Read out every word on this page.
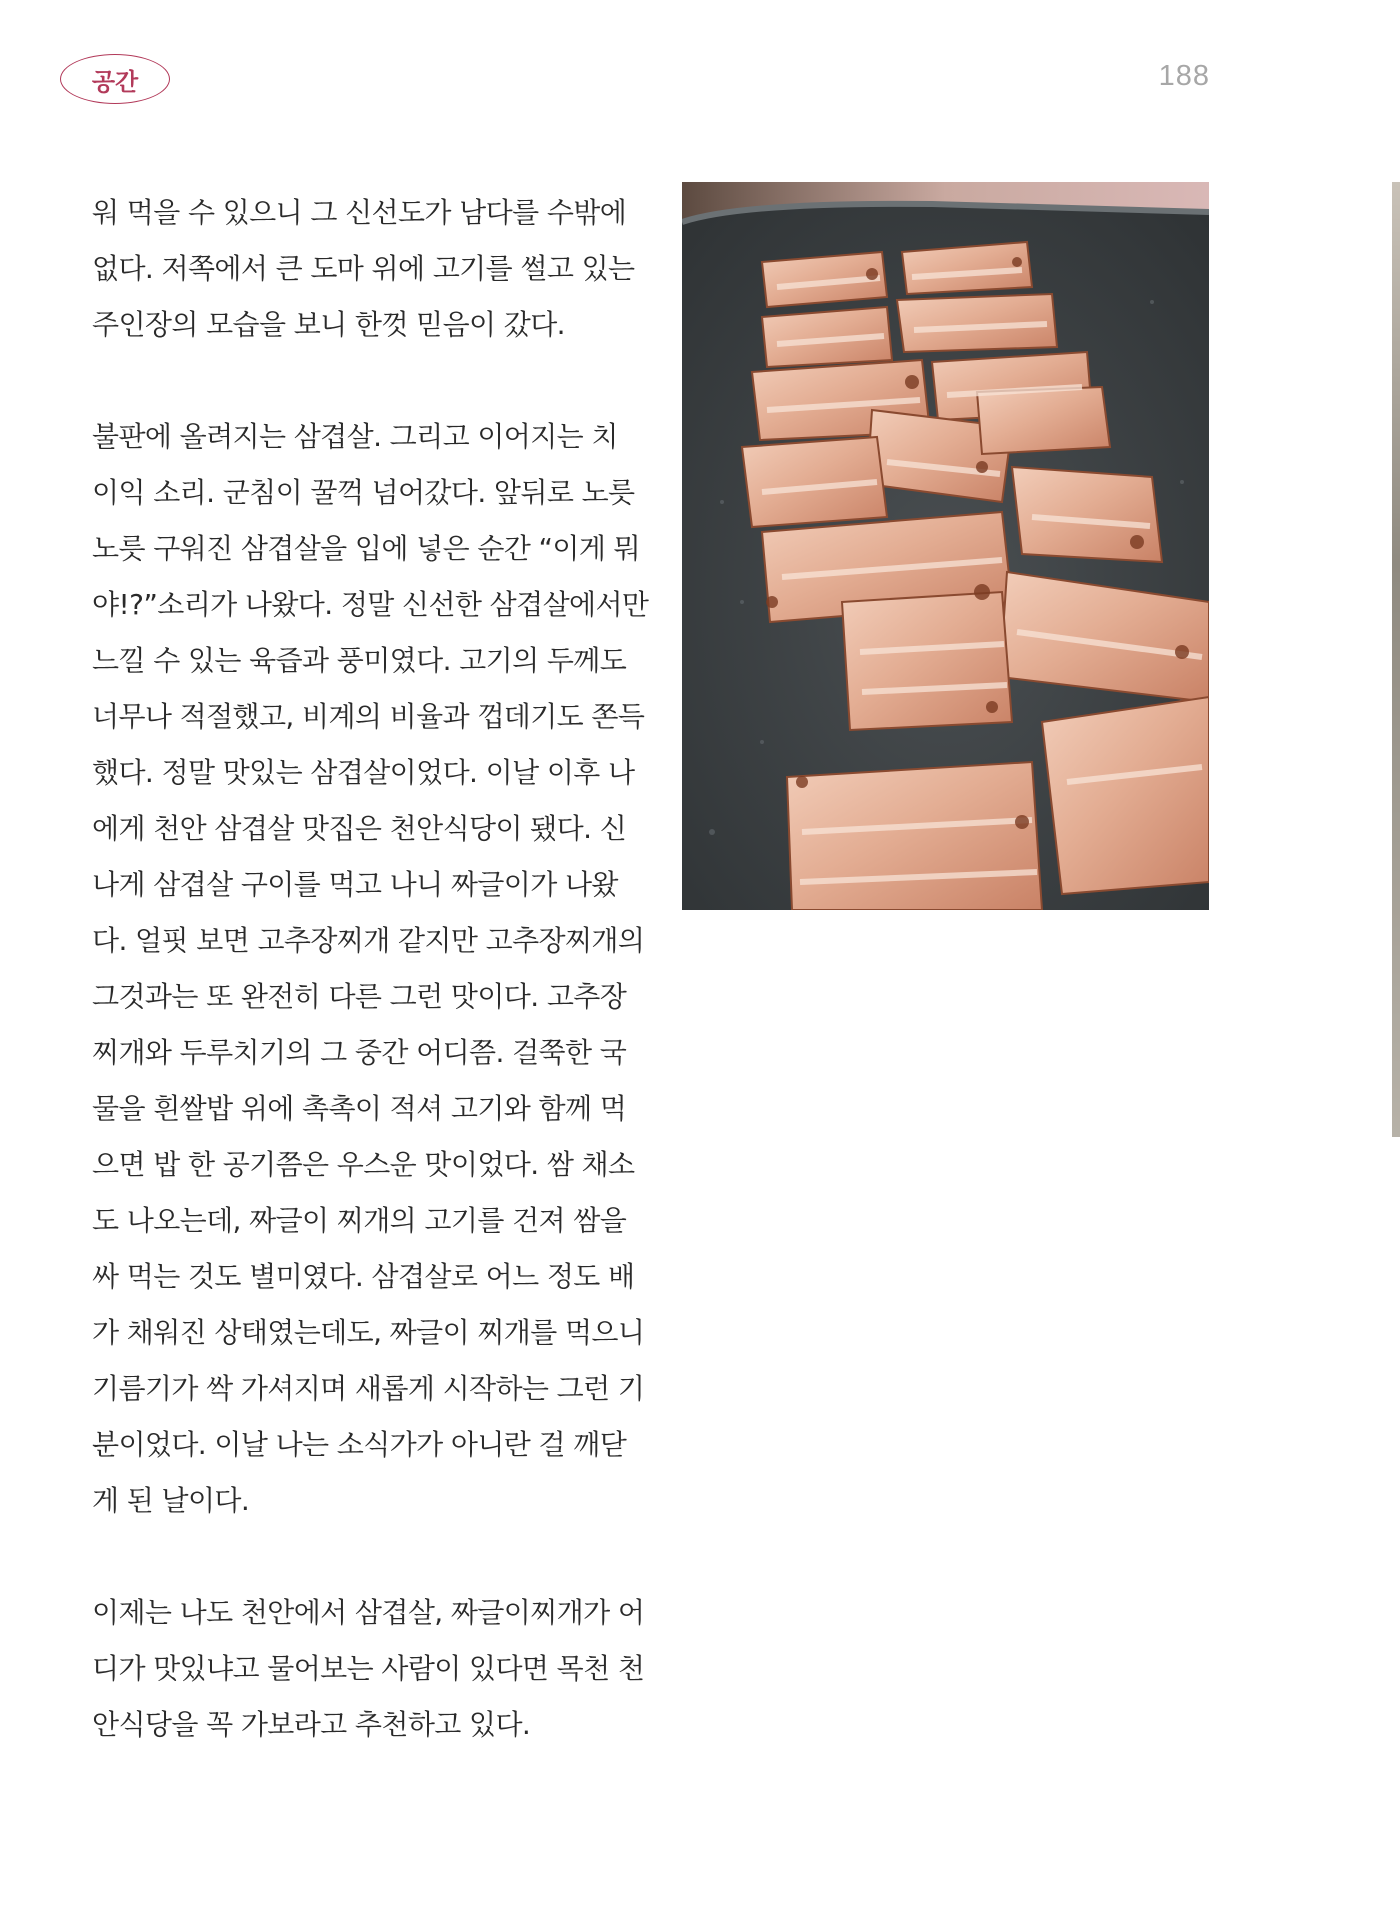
공간	188
워 먹을 수 있으니 그 신선도가 남다를 수밖에
없다. 저쪽에서 큰 도마 위에 고기를 썰고 있는
주인장의 모습을 보니 한껏 믿음이 갔다.
불판에 올려지는 삼겹살. 그리고 이어지는 치
이익 소리. 군침이 꿀꺽 넘어갔다. 앞뒤로 노릇
노릇 구워진 삼겹살을 입에 넣은 순간 “이게 뭐
야!?”소리가 나왔다. 정말 신선한 삼겹살에서만
느낄 수 있는 육즙과 풍미였다. 고기의 두께도
너무나 적절했고, 비계의 비율과 껍데기도 쫀득
했다. 정말 맛있는 삼겹살이었다. 이날 이후 나
에게 천안 삼겹살 맛집은 천안식당이 됐다. 신
나게 삼겹살 구이를 먹고 나니 짜글이가 나왔
다. 얼핏 보면 고추장찌개 같지만 고추장찌개의
그것과는 또 완전히 다른 그런 맛이다. 고추장
찌개와 두루치기의 그 중간 어디쯤. 걸쭉한 국
물을 흰쌀밥 위에 촉촉이 적셔 고기와 함께 먹
으면 밥 한 공기쯤은 우스운 맛이었다. 쌈 채소
도 나오는데, 짜글이 찌개의 고기를 건져 쌈을
싸 먹는 것도 별미였다. 삼겹살로 어느 정도 배
가 채워진 상태였는데도, 짜글이 찌개를 먹으니
기름기가 싹 가셔지며 새롭게 시작하는 그런 기
분이었다. 이날 나는 소식가가 아니란 걸 깨닫
게 된 날이다.
이제는 나도 천안에서 삼겹살, 짜글이찌개가 어
디가 맛있냐고 물어보는 사람이 있다면 목천 천
안식당을 꼭 가보라고 추천하고 있다.
